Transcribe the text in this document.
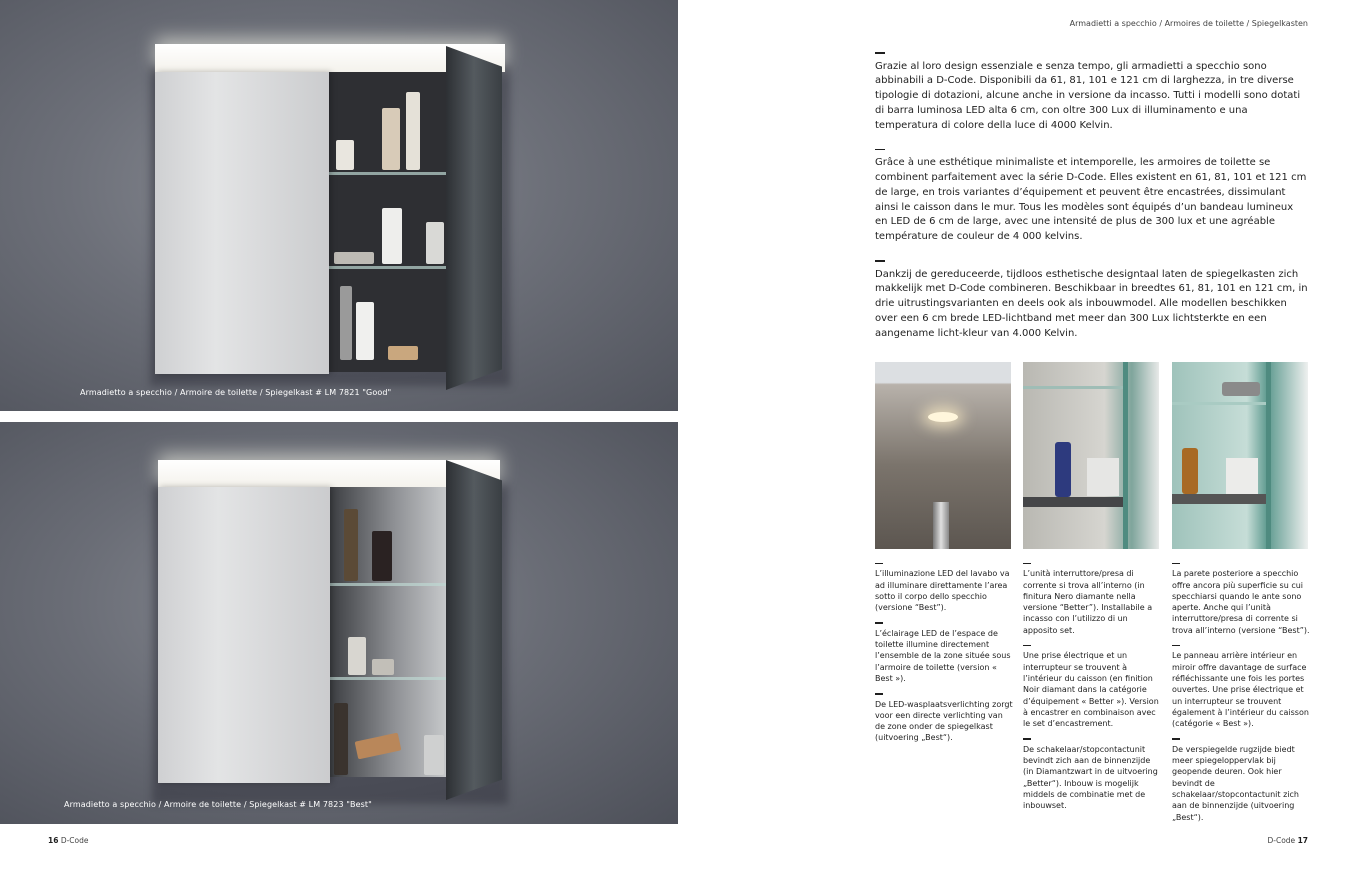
Armadietto a specchio / Armoire de toilette / Spiegelkast # LM 7821 "Good"
Armadietto a specchio / Armoire de toilette / Spiegelkast # LM 7823 "Best"
Armadietti a specchio / Armoires de toilette / Spiegelkasten
Grazie al loro design essenziale e senza tempo, gli armadietti a specchio sono abbinabili a D-Code. Disponibili da 61, 81, 101 e 121 cm di larghezza, in tre diverse tipologie di dotazioni, alcune anche in versione da incasso. Tutti i modelli sono dotati di barra luminosa LED alta 6 cm, con oltre 300 Lux di illuminamento e una temperatura di colore della luce di 4000 Kelvin.
Grâce à une esthétique minimaliste et intemporelle, les armoires de toilette se combinent parfaitement avec la série D-Code. Elles existent en 61, 81, 101 et 121 cm de large, en trois variantes d’équipement et peuvent être encastrées, dissimulant ainsi le caisson dans le mur. Tous les modèles sont équipés d’un bandeau lumineux en LED de 6 cm de large, avec une intensité de plus de 300 lux et une agréable température de couleur de 4 000 kelvins.
Dankzij de gereduceerde, tijdloos esthetische designtaal laten de spiegelkasten zich makkelijk met D-Code combineren. Beschikbaar in breedtes 61, 81, 101 en 121 cm, in drie uitrustingsvarianten en deels ook als inbouwmodel. Alle modellen beschikken over een 6 cm brede LED-lichtband met meer dan 300 Lux lichtsterkte en een aangename licht-kleur van 4.000 Kelvin.
L’illuminazione LED del lavabo va ad illuminare direttamente l’area sotto il corpo dello specchio (versione “Best”).
L’éclairage LED de l’espace de toilette illumine directement l’ensemble de la zone située sous l’armoire de toilette (version « Best »).
De LED-wasplaatsverlichting zorgt voor een directe verlichting van de zone onder de spiegelkast (uitvoering „Best“).
L’unità interruttore/presa di corrente si trova all’interno (in finitura Nero diamante nella versione “Better”). Installabile a incasso con l’utilizzo di un apposito set.
Une prise électrique et un interrupteur se trouvent à l’intérieur du caisson (en finition Noir diamant dans la catégorie d’équipement « Better »). Version à encastrer en combinaison avec le set d’encastrement.
De schakelaar/stopcontactunit bevindt zich aan de binnenzijde (in Diamantzwart in de uitvoering „Better“). Inbouw is mogelijk middels de combinatie met de inbouwset.
La parete posteriore a specchio offre ancora più superficie su cui specchiarsi quando le ante sono aperte. Anche qui l’unità interruttore/presa di corrente si trova all’interno (versione “Best”).
Le panneau arrière intérieur en miroir offre davantage de surface réfléchissante une fois les portes ouvertes. Une prise électrique et un interrupteur se trouvent également à l’intérieur du caisson (catégorie « Best »).
De verspiegelde rugzijde biedt meer spiegeloppervlak bij geopende deuren. Ook hier bevindt de schakelaar/stopcontactunit zich aan de binnenzijde (uitvoering „Best“).
16 D-Code	D-Code 17
